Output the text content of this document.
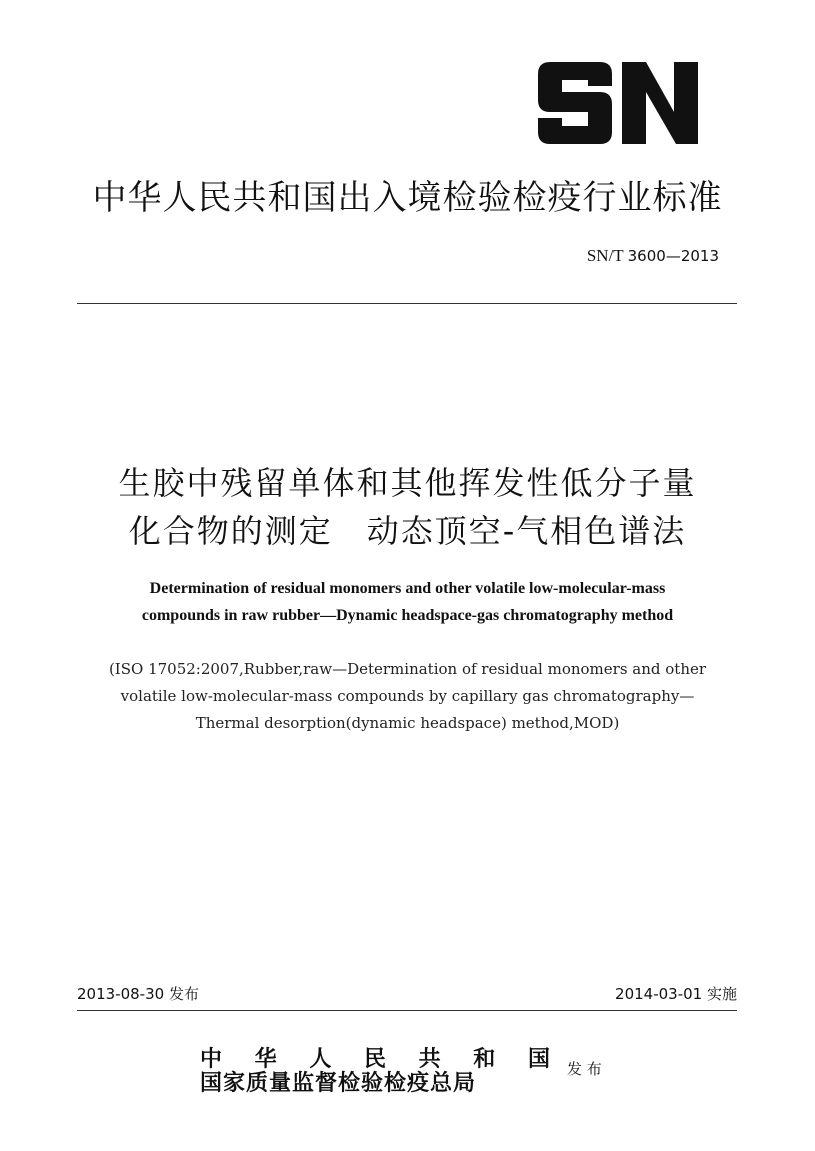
中华人民共和国出入境检验检疫行业标准
SN/T 3600—2013
生胶中残留单体和其他挥发性低分子量
化合物的测定　动态顶空-气相色谱法
Determination of residual monomers and other volatile low-molecular-mass
compounds in raw rubber—Dynamic headspace-gas chromatography method
(ISO 17052:2007,Rubber,raw—Determination of residual monomers and other
volatile low-molecular-mass compounds by capillary gas chromatography—
Thermal desorption(dynamic headspace) method,MOD)
2013-08-30 发布	2014-03-01 实施
中 华 人 民 共 和 国
国家质量监督检验检疫总局
发 布
